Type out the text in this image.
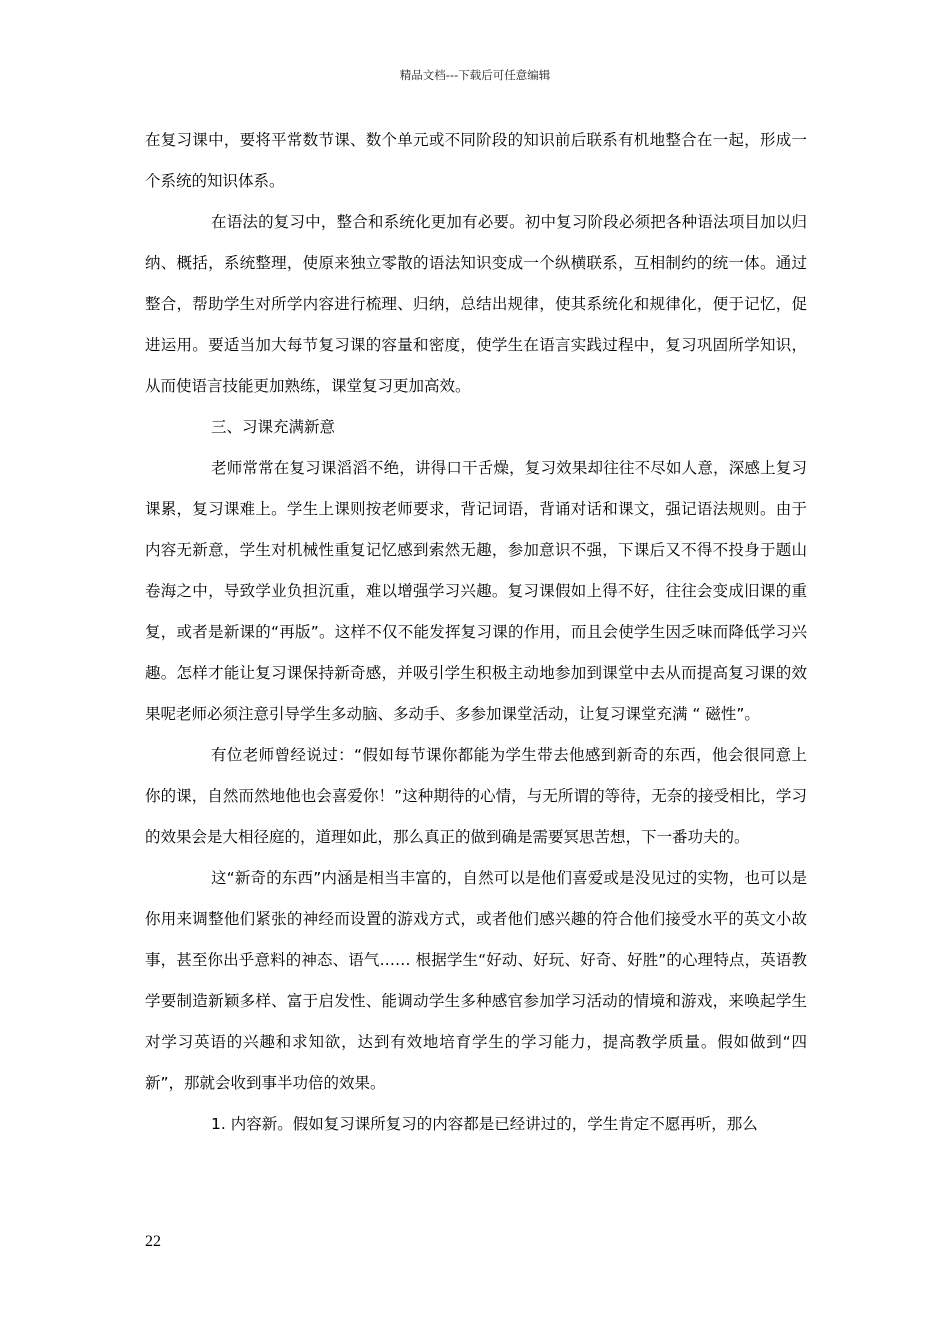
精品文档---下载后可任意编辑

在复习课中，要将平常数节课、数个单元或不同阶段的知识前后联系有机地整合在一起，形成一个系统的知识体系。

在语法的复习中，整合和系统化更加有必要。初中复习阶段必须把各种语法项目加以归纳、概括，系统整理，使原来独立零散的语法知识变成一个纵横联系，互相制约的统一体。通过整合，帮助学生对所学内容进行梳理、归纳，总结出规律，使其系统化和规律化，便于记忆，促进运用。要适当加大每节复习课的容量和密度，使学生在语言实践过程中，复习巩固所学知识，从而使语言技能更加熟练，课堂复习更加高效。

三、习课充满新意

老师常常在复习课滔滔不绝，讲得口干舌燥，复习效果却往往不尽如人意，深感上复习课累，复习课难上。学生上课则按老师要求，背记词语，背诵对话和课文，强记语法规则。由于内容无新意，学生对机械性重复记忆感到索然无趣，参加意识不强，下课后又不得不投身于题山卷海之中，导致学业负担沉重，难以增强学习兴趣。复习课假如上得不好，往往会变成旧课的重复，或者是新课的“再版”。这样不仅不能发挥复习课的作用，而且会使学生因乏味而降低学习兴趣。怎样才能让复习课保持新奇感，并吸引学生积极主动地参加到课堂中去从而提高复习课的效果呢老师必须注意引导学生多动脑、多动手、多参加课堂活动，让复习课堂充满 “ 磁性”。

有位老师曾经说过：“假如每节课你都能为学生带去他感到新奇的东西，他会很同意上你的课，自然而然地他也会喜爱你！”这种期待的心情，与无所谓的等待，无奈的接受相比，学习的效果会是大相径庭的，道理如此，那么真正的做到确是需要冥思苦想，下一番功夫的。

这“新奇的东西”内涵是相当丰富的，自然可以是他们喜爱或是没见过的实物，也可以是你用来调整他们紧张的神经而设置的游戏方式，或者他们感兴趣的符合他们接受水平的英文小故事，甚至你出乎意料的神态、语气…… 根据学生“好动、好玩、好奇、好胜”的心理特点，英语教学要制造新颖多样、富于启发性、能调动学生多种感官参加学习活动的情境和游戏，来唤起学生对学习英语的兴趣和求知欲，达到有效地培育学生的学习能力，提高教学质量。假如做到“四新”，那就会收到事半功倍的效果。

1. 内容新。假如复习课所复习的内容都是已经讲过的，学生肯定不愿再听，那么

22
